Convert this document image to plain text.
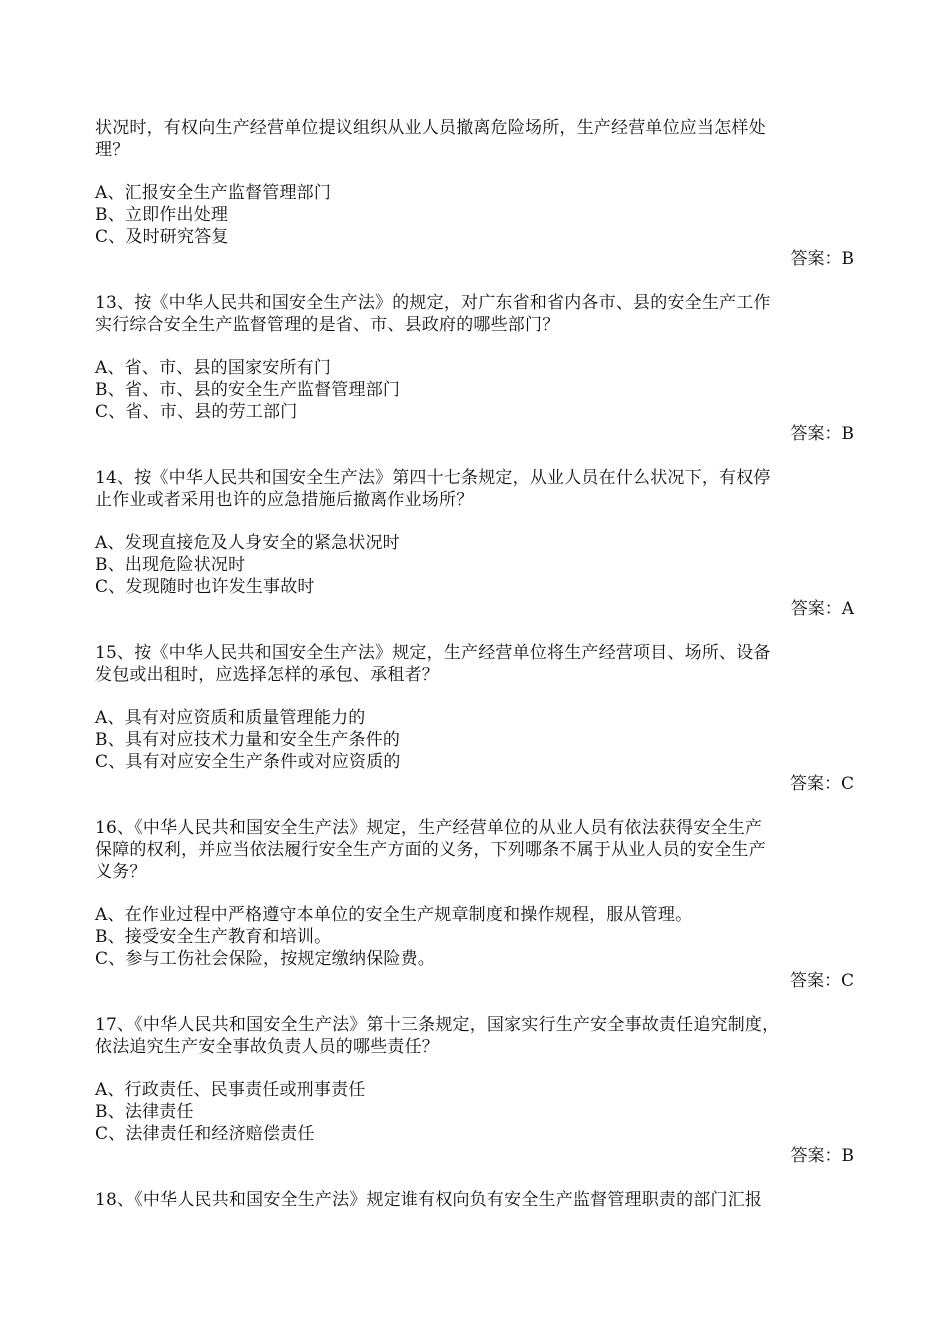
状况时，有权向生产经营单位提议组织从业人员撤离危险场所，生产经营单位应当怎样处
理？
A、汇报安全生产监督管理部门
B、立即作出处理
C、及时研究答复
答案：B
13、按《中华人民共和国安全生产法》的规定，对广东省和省内各市、县的安全生产工作
实行综合安全生产监督管理的是省、市、县政府的哪些部门？
A、省、市、县的国家安所有门
B、省、市、县的安全生产监督管理部门
C、省、市、县的劳工部门
答案：B
14、按《中华人民共和国安全生产法》第四十七条规定，从业人员在什么状况下，有权停
止作业或者采用也许的应急措施后撤离作业场所？
A、发现直接危及人身安全的紧急状况时
B、出现危险状况时
C、发现随时也许发生事故时
答案：A
15、按《中华人民共和国安全生产法》规定，生产经营单位将生产经营项目、场所、设备
发包或出租时，应选择怎样的承包、承租者？
A、具有对应资质和质量管理能力的
B、具有对应技术力量和安全生产条件的
C、具有对应安全生产条件或对应资质的
答案：C
16、《中华人民共和国安全生产法》规定，生产经营单位的从业人员有依法获得安全生产
保障的权利，并应当依法履行安全生产方面的义务，下列哪条不属于从业人员的安全生产
义务？
A、在作业过程中严格遵守本单位的安全生产规章制度和操作规程，服从管理。
B、接受安全生产教育和培训。
C、参与工伤社会保险，按规定缴纳保险费。
答案：C
17、《中华人民共和国安全生产法》第十三条规定，国家实行生产安全事故责任追究制度，
依法追究生产安全事故负责人员的哪些责任？
A、行政责任、民事责任或刑事责任
B、法律责任
C、法律责任和经济赔偿责任
答案：B
18、《中华人民共和国安全生产法》规定谁有权向负有安全生产监督管理职责的部门汇报
